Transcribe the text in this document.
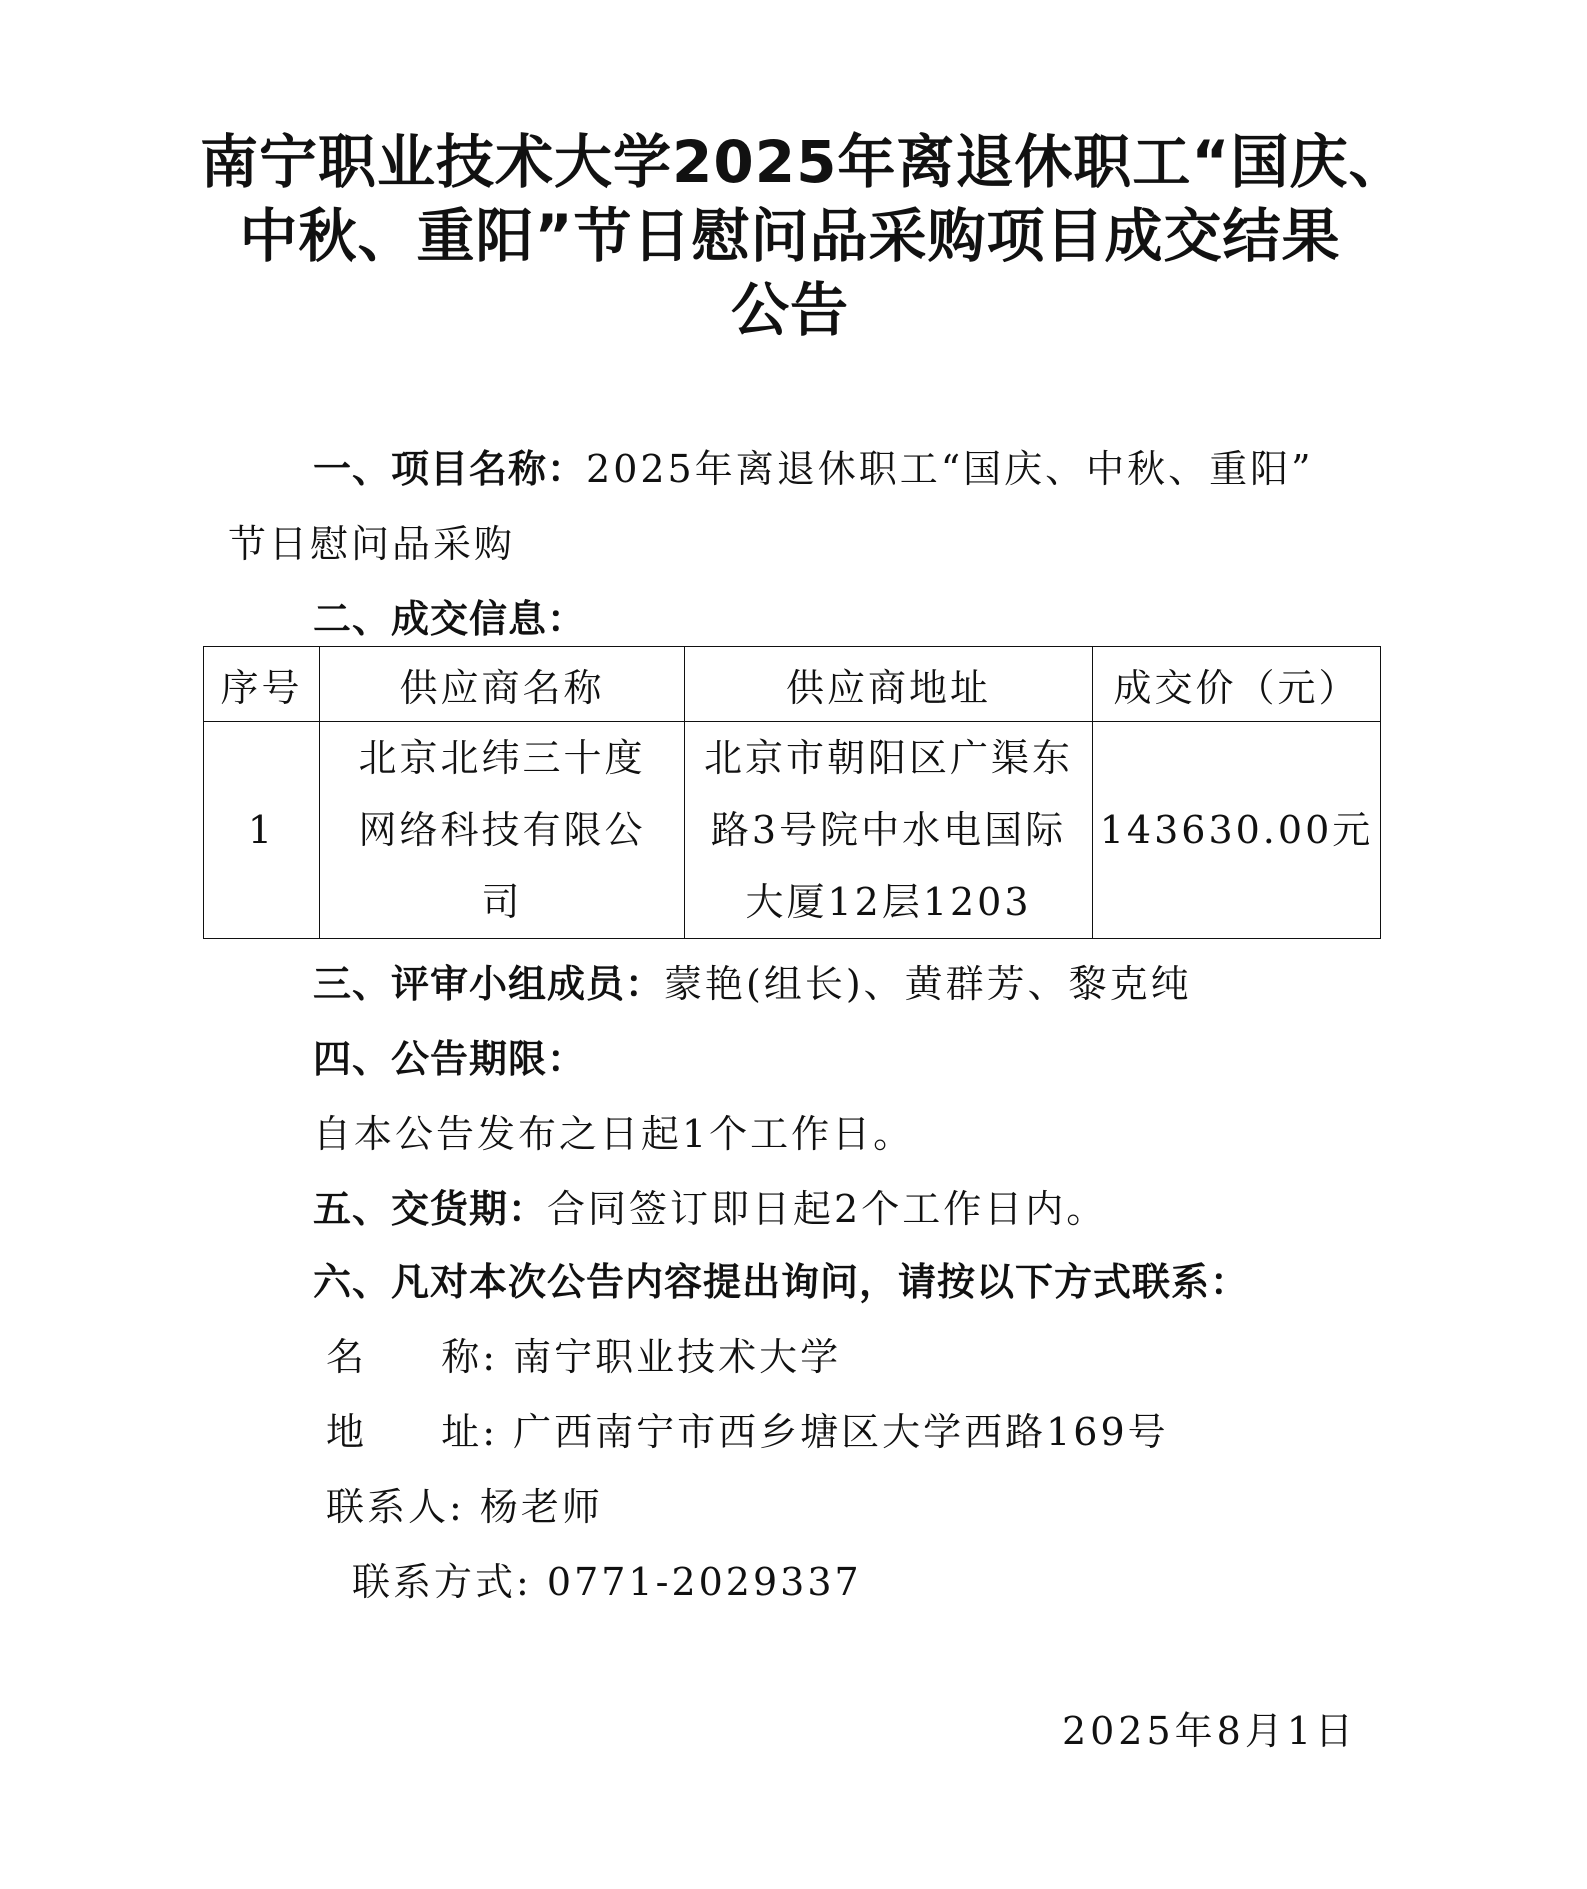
南宁职业技术大学2025年离退休职工“国庆、
中秋、重阳”节日慰问品采购项目成交结果
公告
一、项目名称：2025年离退休职工“国庆、中秋、重阳”
节日慰问品采购
二、成交信息：
序号	供应商名称	供应商地址	成交价（元）
1	北京北纬三十度网络科技有限公司	北京市朝阳区广渠东路3号院中水电国际大厦12层1203	143630.00元
三、评审小组成员：蒙艳(组长)、黄群芳、黎克纯
四、公告期限：
自本公告发布之日起1个工作日。
五、交货期：合同签订即日起2个工作日内。
六、凡对本次公告内容提出询问，请按以下方式联系：
名 称: 南宁职业技术大学
地 址: 广西南宁市西乡塘区大学西路169号
联系人: 杨老师
联系方式: 0771-2029337
2025年8月1日
